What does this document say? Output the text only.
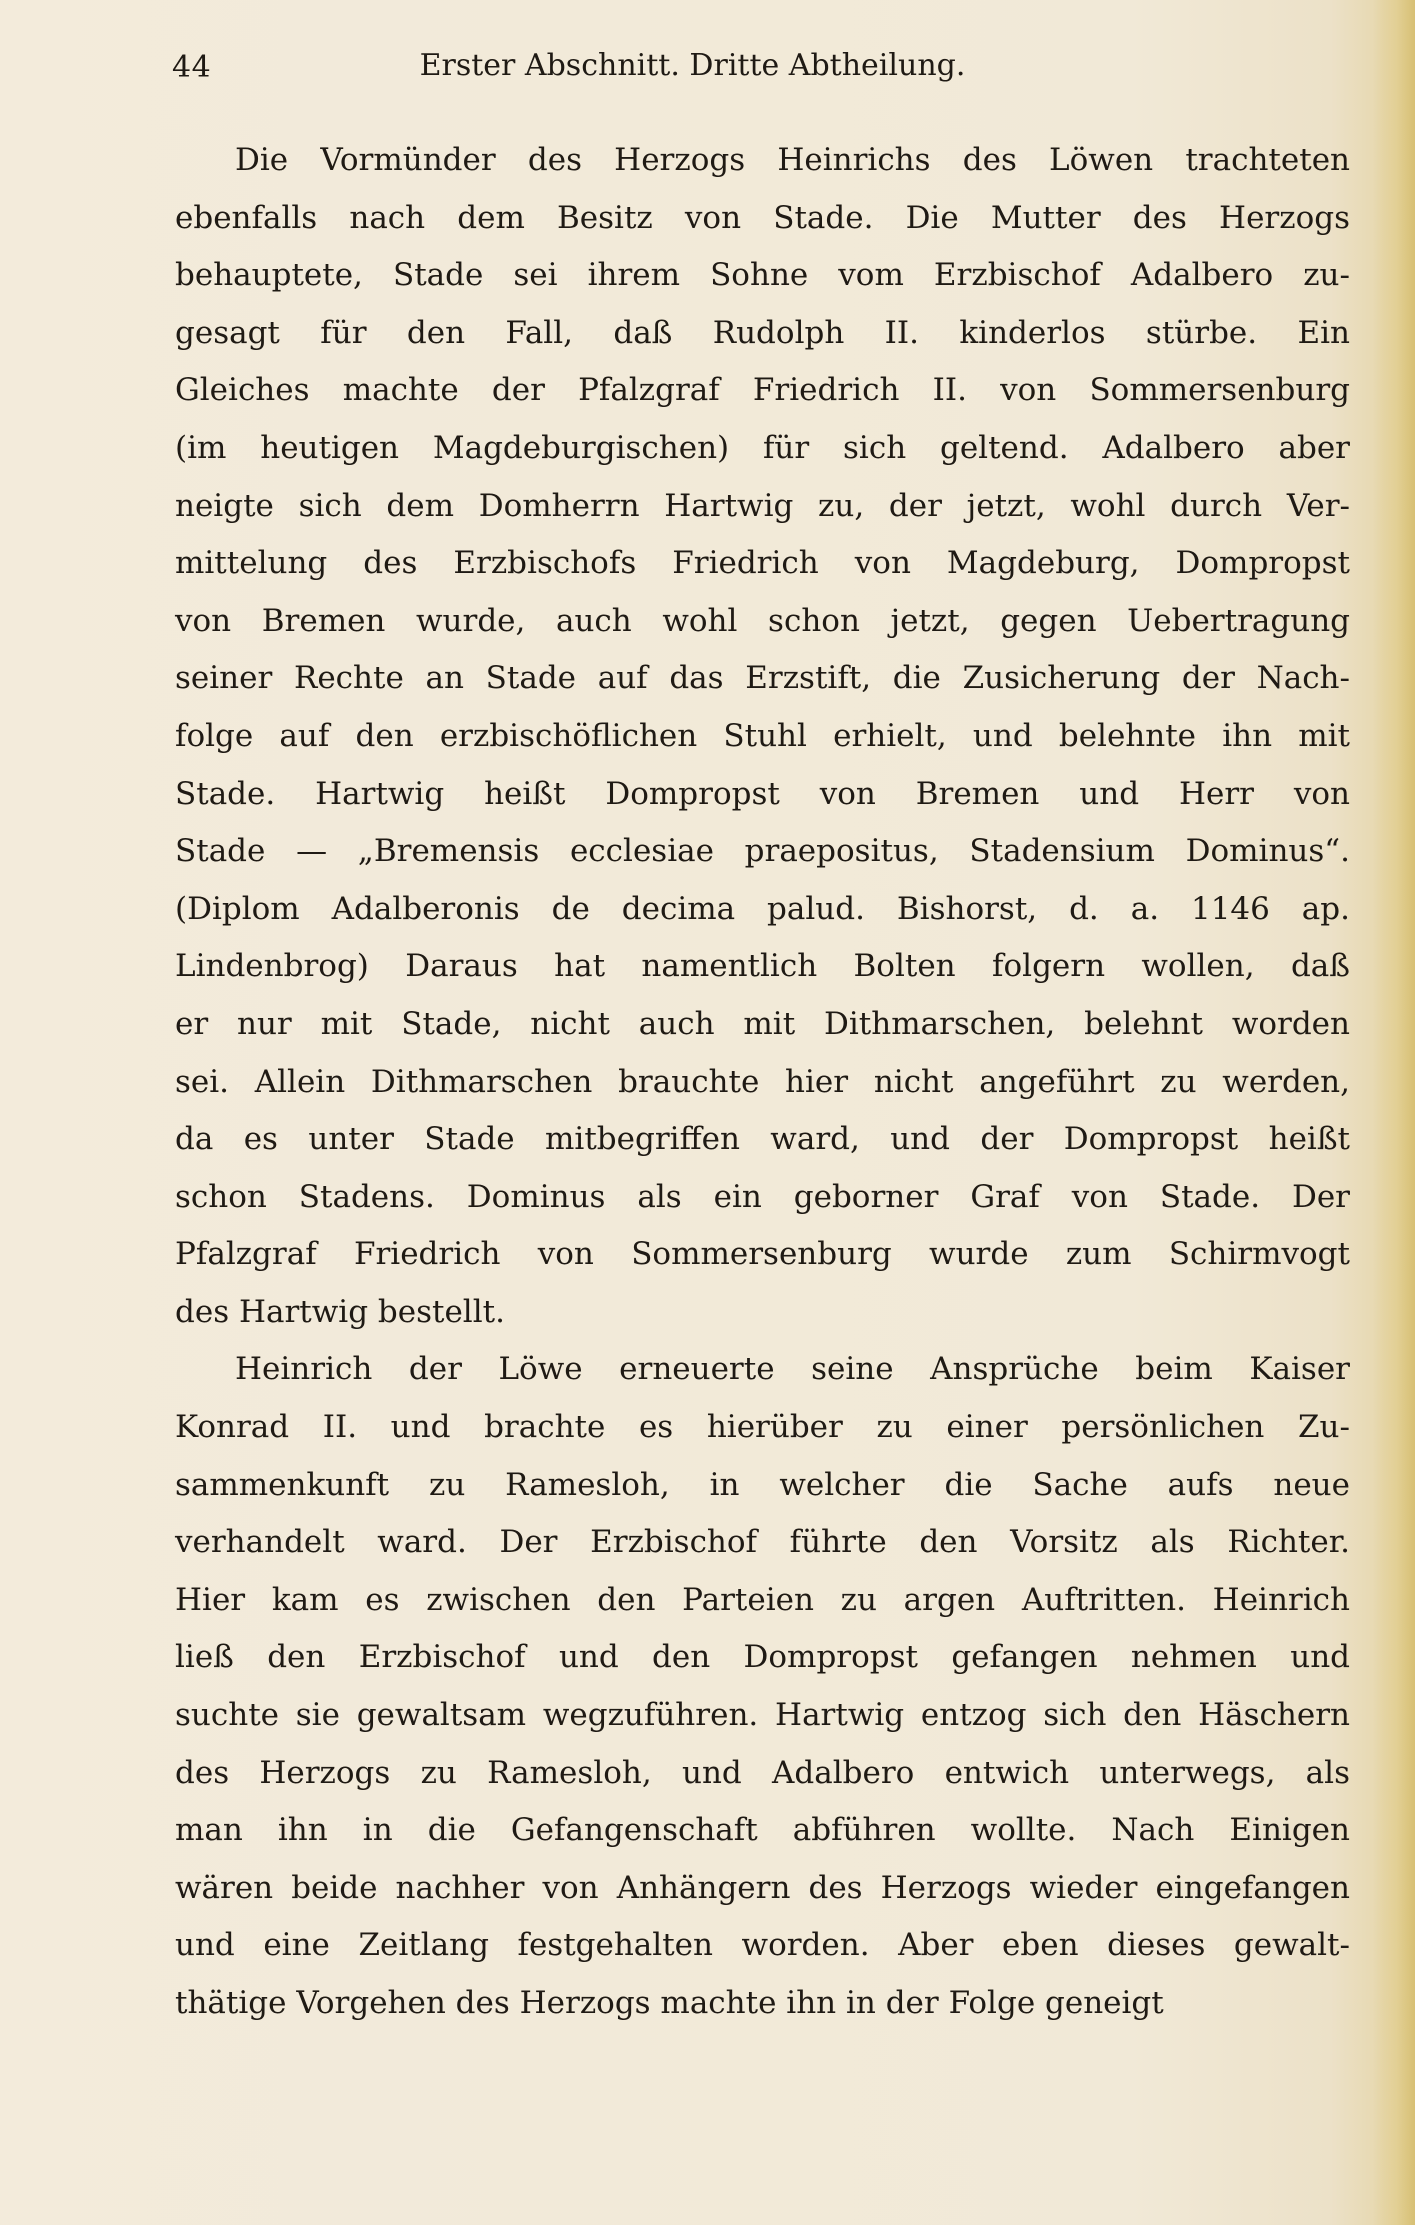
44	Erster Abschnitt. Dritte Abtheilung.
Die Vormünder des Herzogs Heinrichs des Löwen trachteten
ebenfalls nach dem Besitz von Stade. Die Mutter des Herzogs
behauptete, Stade sei ihrem Sohne vom Erzbischof Adalbero zu-
gesagt für den Fall, daß Rudolph II. kinderlos stürbe. Ein
Gleiches machte der Pfalzgraf Friedrich II. von Sommersenburg
(im heutigen Magdeburgischen) für sich geltend. Adalbero aber
neigte sich dem Domherrn Hartwig zu, der jetzt, wohl durch Ver-
mittelung des Erzbischofs Friedrich von Magdeburg, Dompropst
von Bremen wurde, auch wohl schon jetzt, gegen Uebertragung
seiner Rechte an Stade auf das Erzstift, die Zusicherung der Nach-
folge auf den erzbischöflichen Stuhl erhielt, und belehnte ihn mit
Stade. Hartwig heißt Dompropst von Bremen und Herr von
Stade — „Bremensis ecclesiae praepositus, Stadensium Dominus“.
(Diplom Adalberonis de decima palud. Bishorst, d. a. 1146 ap.
Lindenbrog) Daraus hat namentlich Bolten folgern wollen, daß
er nur mit Stade, nicht auch mit Dithmarschen, belehnt worden
sei. Allein Dithmarschen brauchte hier nicht angeführt zu werden,
da es unter Stade mitbegriffen ward, und der Dompropst heißt
schon Stadens. Dominus als ein geborner Graf von Stade. Der
Pfalzgraf Friedrich von Sommersenburg wurde zum Schirmvogt
des Hartwig bestellt.
Heinrich der Löwe erneuerte seine Ansprüche beim Kaiser
Konrad II. und brachte es hierüber zu einer persönlichen Zu-
sammenkunft zu Ramesloh, in welcher die Sache aufs neue
verhandelt ward. Der Erzbischof führte den Vorsitz als Richter.
Hier kam es zwischen den Parteien zu argen Auftritten. Heinrich
ließ den Erzbischof und den Dompropst gefangen nehmen und
suchte sie gewaltsam wegzuführen. Hartwig entzog sich den Häschern
des Herzogs zu Ramesloh, und Adalbero entwich unterwegs, als
man ihn in die Gefangenschaft abführen wollte. Nach Einigen
wären beide nachher von Anhängern des Herzogs wieder eingefangen
und eine Zeitlang festgehalten worden. Aber eben dieses gewalt-
thätige Vorgehen des Herzogs machte ihn in der Folge geneigt
